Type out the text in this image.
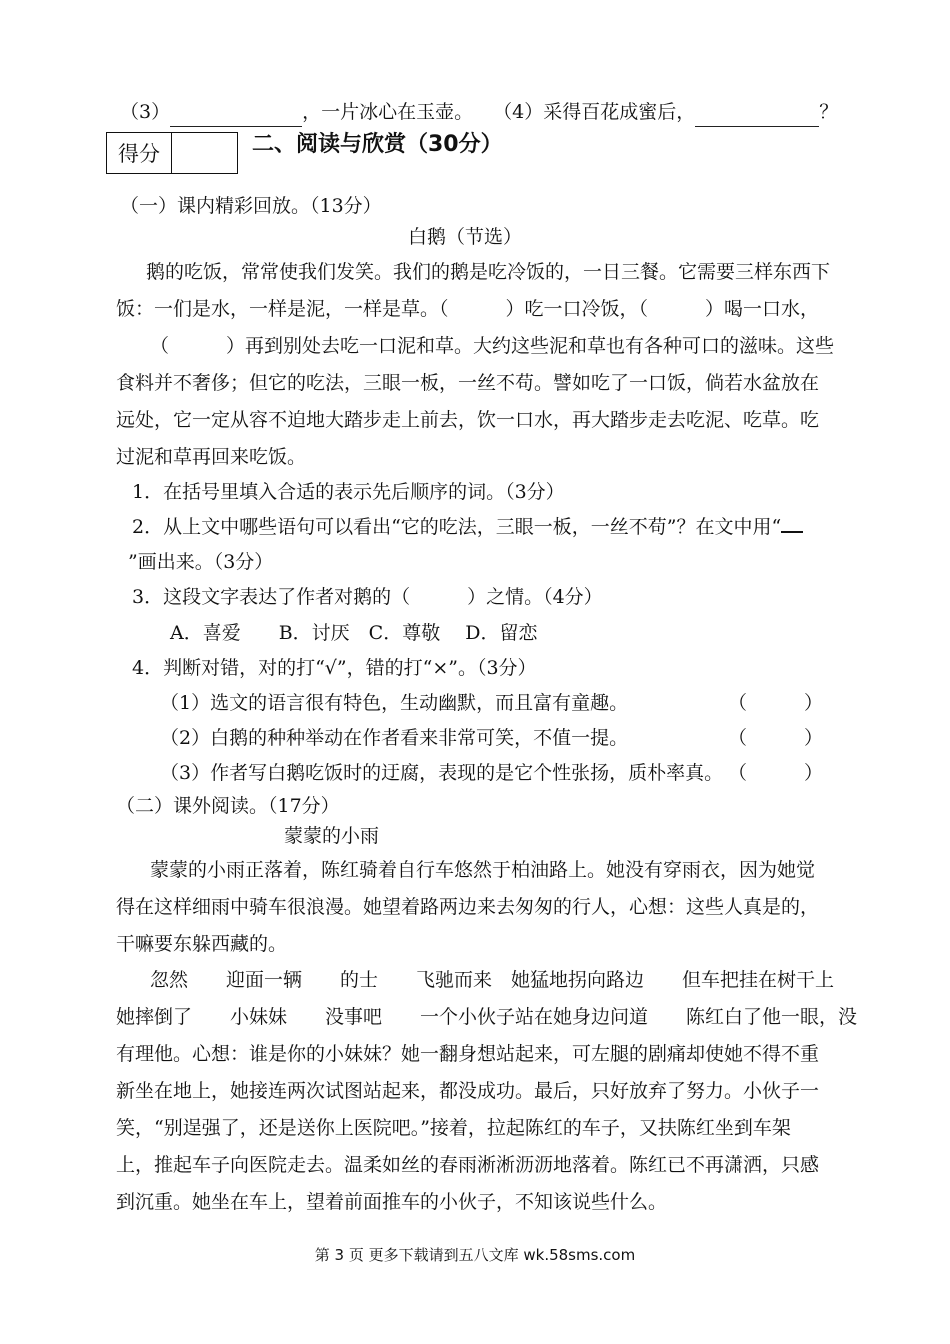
（3）	，一片冰心在玉壶。 （4）采得百花成蜜后，	？
得分	二、阅读与欣赏（30分）
（一）课内精彩回放。（13分）
白鹅（节选）
鹅的吃饭，常常使我们发笑。我们的鹅是吃冷饭的，一日三餐。它需要三样东西下
饭：一们是水，一样是泥，一样是草。（　　　）吃一口冷饭，（　　　）喝一口水，
（　　　）再到别处去吃一口泥和草。大约这些泥和草也有各种可口的滋味。这些
食料并不奢侈；但它的吃法，三眼一板，一丝不苟。譬如吃了一口饭，倘若水盆放在
远处，它一定从容不迫地大踏步走上前去，饮一口水，再大踏步走去吃泥、吃草。吃
过泥和草再回来吃饭。
1．在括号里填入合适的表示先后顺序的词。（3分）
2．从上文中哪些语句可以看出“它的吃法，三眼一板，一丝不苟”？在文中用“
”画出来。（3分）
3．这段文字表达了作者对鹅的（　　　）之情。（4分）
A．喜爱　　B．讨厌　C．尊敬　 D．留恋
4．判断对错，对的打“√”，错的打“×”。（3分）
（1）选文的语言很有特色，生动幽默，而且富有童趣。	（　　　）
（2）白鹅的种种举动在作者看来非常可笑，不值一提。	（　　　）
（3）作者写白鹅吃饭时的迂腐，表现的是它个性张扬，质朴率真。 （　　　）
（二）课外阅读。（17分）
蒙蒙的小雨
蒙蒙的小雨正落着，陈红骑着自行车悠然于柏油路上。她没有穿雨衣，因为她觉
得在这样细雨中骑车很浪漫。她望着路两边来去匆匆的行人，心想：这些人真是的，
干嘛要东躲西藏的。
忽然　　迎面一辆　　的士　　飞驰而来　她猛地拐向路边　　但车把挂在树干上
她摔倒了　　小妹妹　　没事吧　　一个小伙子站在她身边问道　　陈红白了他一眼，没
有理他。心想：谁是你的小妹妹？她一翻身想站起来，可左腿的剧痛却使她不得不重
新坐在地上，她接连两次试图站起来，都没成功。最后，只好放弃了努力。小伙子一
笑，“别逞强了，还是送你上医院吧。”接着，拉起陈红的车子，又扶陈红坐到车架
上，推起车子向医院走去。温柔如丝的春雨淅淅沥沥地落着。陈红已不再潇洒，只感
到沉重。她坐在车上，望着前面推车的小伙子，不知该说些什么。
第 3 页 更多下载请到五八文库 wk.58sms.com
